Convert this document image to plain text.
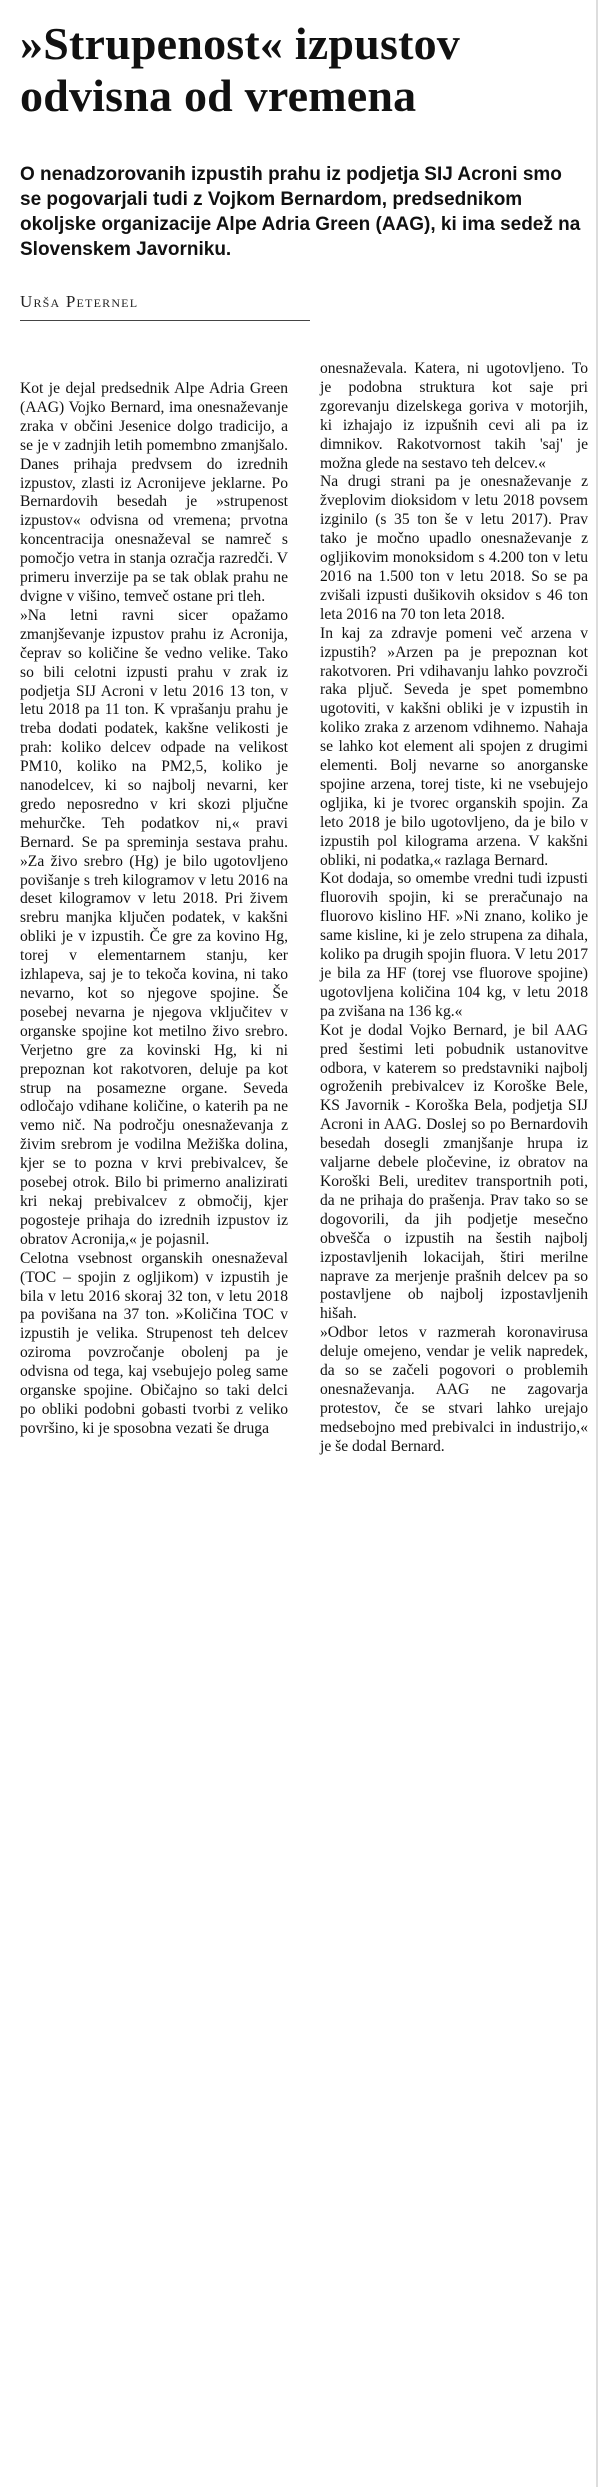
»Strupenost« izpustov
odvisna od vremena

O nenadzorovanih izpustih prahu iz podjetja SIJ Acroni smo se pogovarjali tudi z Vojkom Bernardom, predsednikom okoljske organizacije Alpe Adria Green (AAG), ki ima sedež na Slovenskem Javorniku.

Urša Peternel

Kot je dejal predsednik Alpe Adria Green (AAG) Vojko Bernard, ima onesnaževanje zraka v občini Jesenice dolgo tradicijo, a se je v zadnjih letih pomembno zmanjšalo. Danes prihaja predvsem do izrednih izpustov, zlasti iz Acronijeve jeklarne. Po Bernardovih besedah je »strupenost izpustov« odvisna od vremena; prvotna koncentracija onesnaževal se namreč s pomočjo vetra in stanja ozračja razredči. V primeru inverzije pa se tak oblak prahu ne dvigne v višino, temveč ostane pri tleh.

»Na letni ravni sicer opažamo zmanjševanje izpustov prahu iz Acronija, čeprav so količine še vedno velike. Tako so bili celotni izpusti prahu v zrak iz podjetja SIJ Acroni v letu 2016 13 ton, v letu 2018 pa 11 ton. K vprašanju prahu je treba dodati podatek, kakšne velikosti je prah: koliko delcev odpade na velikost PM10, koliko na PM2,5, koliko je nanodelcev, ki so najbolj nevarni, ker gredo neposredno v kri skozi pljučne mehurčke. Teh podatkov ni,« pravi Bernard. Se pa spreminja sestava prahu. »Za živo srebro (Hg) je bilo ugotovljeno povišanje s treh kilogramov v letu 2016 na deset kilogramov v letu 2018. Pri živem srebru manjka ključen podatek, v kakšni obliki je v izpustih. Če gre za kovino Hg, torej v elementarnem stanju, ker izhlapeva, saj je to tekoča kovina, ni tako nevarno, kot so njegove spojine. Še posebej nevarna je njegova vključitev v organske spojine kot metilno živo srebro. Verjetno gre za kovinski Hg, ki ni prepoznan kot rakotvoren, deluje pa kot strup na posamezne organe. Seveda odločajo vdihane količine, o katerih pa ne vemo nič. Na področju onesnaževanja z živim srebrom je vodilna Mežiška dolina, kjer se to pozna v krvi prebivalcev, še posebej otrok. Bilo bi primerno analizirati kri nekaj prebivalcev z območij, kjer pogosteje prihaja do izrednih izpustov iz obratov Acronija,« je pojasnil.

Celotna vsebnost organskih onesnaževal (TOC – spojin z ogljikom) v izpustih je bila v letu 2016 skoraj 32 ton, v letu 2018 pa povišana na 37 ton. »Količina TOC v izpustih je velika. Strupenost teh delcev oziroma povzročanje obolenj pa je odvisna od tega, kaj vsebujejo poleg same organske spojine. Običajno so taki delci po obliki podobni gobasti tvorbi z veliko površino, ki je sposobna vezati še druga

onesnaževala. Katera, ni ugotovljeno. To je podobna struktura kot saje pri zgorevanju dizelskega goriva v motorjih, ki izhajajo iz izpušnih cevi ali pa iz dimnikov. Rakotvornost takih 'saj' je možna glede na sestavo teh delcev.«

Na drugi strani pa je onesnaževanje z žveplovim dioksidom v letu 2018 povsem izginilo (s 35 ton še v letu 2017). Prav tako je močno upadlo onesnaževanje z ogljikovim monoksidom s 4.200 ton v letu 2016 na 1.500 ton v letu 2018. So se pa zvišali izpusti dušikovih oksidov s 46 ton leta 2016 na 70 ton leta 2018.

In kaj za zdravje pomeni več arzena v izpustih? »Arzen pa je prepoznan kot rakotvoren. Pri vdihavanju lahko povzroči raka pljuč. Seveda je spet pomembno ugotoviti, v kakšni obliki je v izpustih in koliko zraka z arzenom vdihnemo. Nahaja se lahko kot element ali spojen z drugimi elementi. Bolj nevarne so anorganske spojine arzena, torej tiste, ki ne vsebujejo ogljika, ki je tvorec organskih spojin. Za leto 2018 je bilo ugotovljeno, da je bilo v izpustih pol kilograma arzena. V kakšni obliki, ni podatka,« razlaga Bernard.

Kot dodaja, so omembe vredni tudi izpusti fluorovih spojin, ki se preračunajo na fluorovo kislino HF. »Ni znano, koliko je same kisline, ki je zelo strupena za dihala, koliko pa drugih spojin fluora. V letu 2017 je bila za HF (torej vse fluorove spojine) ugotovljena količina 104 kg, v letu 2018 pa zvišana na 136 kg.«

Kot je dodal Vojko Bernard, je bil AAG pred šestimi leti pobudnik ustanovitve odbora, v katerem so predstavniki najbolj ogroženih prebivalcev iz Koroške Bele, KS Javornik - Koroška Bela, podjetja SIJ Acroni in AAG. Doslej so po Bernardovih besedah dosegli zmanjšanje hrupa iz valjarne debele pločevine, iz obratov na Koroški Beli, ureditev transportnih poti, da ne prihaja do prašenja. Prav tako so se dogovorili, da jih podjetje mesečno obvešča o izpustih na šestih najbolj izpostavljenih lokacijah, štiri merilne naprave za merjenje prašnih delcev pa so postavljene ob najbolj izpostavljenih hišah.

»Odbor letos v razmerah koronavirusa deluje omejeno, vendar je velik napredek, da so se začeli pogovori o problemih onesnaževanja. AAG ne zagovarja protestov, če se stvari lahko urejajo medsebojno med prebivalci in industrijo,« je še dodal Bernard.
